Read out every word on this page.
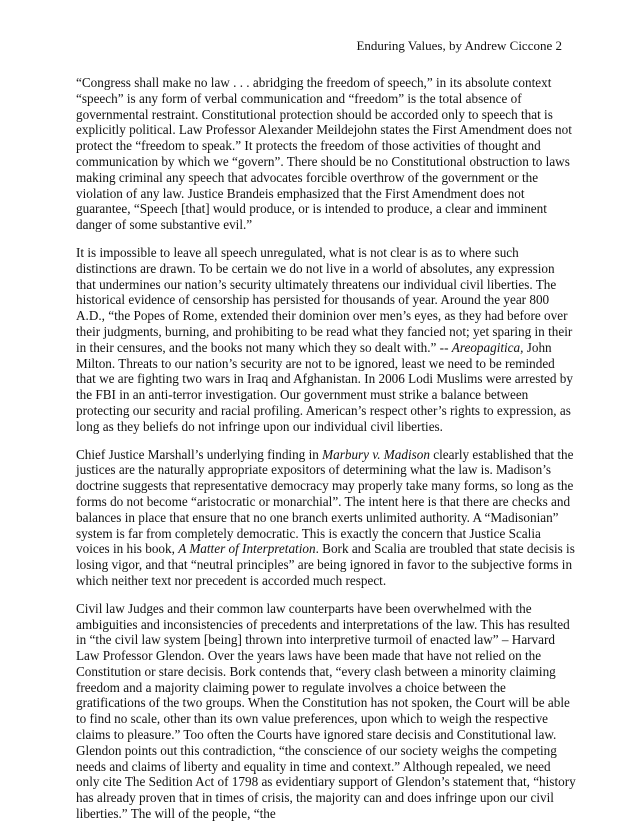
Enduring Values, by Andrew Ciccone 2

“Congress shall make no law . . . abridging the freedom of speech,” in its absolute context “speech” is any form of verbal communication and “freedom” is the total absence of governmental restraint. Constitutional protection should be accorded only to speech that is explicitly political. Law Professor Alexander Meildejohn states the First Amendment does not protect the “freedom to speak.” It protects the freedom of those activities of thought and communication by which we “govern”. There should be no Constitutional obstruction to laws making criminal any speech that advocates forcible overthrow of the government or the violation of any law. Justice Brandeis emphasized that the First Amendment does not guarantee, “Speech [that] would produce, or is intended to produce, a clear and imminent danger of some substantive evil.”

It is impossible to leave all speech unregulated, what is not clear is as to where such distinctions are drawn. To be certain we do not live in a world of absolutes, any expression that undermines our nation’s security ultimately threatens our individual civil liberties. The historical evidence of censorship has persisted for thousands of year. Around the year 800 A.D., “the Popes of Rome, extended their dominion over men’s eyes, as they had before over their judgments, burning, and prohibiting to be read what they fancied not; yet sparing in their in their censures, and the books not many which they so dealt with.” -- Areopagitica, John Milton. Threats to our nation’s security are not to be ignored, least we need to be reminded that we are fighting two wars in Iraq and Afghanistan. In 2006 Lodi Muslims were arrested by the FBI in an anti-terror investigation. Our government must strike a balance between protecting our security and racial profiling. American’s respect other’s rights to expression, as long as they beliefs do not infringe upon our individual civil liberties.

Chief Justice Marshall’s underlying finding in Marbury v. Madison clearly established that the justices are the naturally appropriate expositors of determining what the law is. Madison’s doctrine suggests that representative democracy may properly take many forms, so long as the forms do not become “aristocratic or monarchial”. The intent here is that there are checks and balances in place that ensure that no one branch exerts unlimited authority. A “Madisonian” system is far from completely democratic. This is exactly the concern that Justice Scalia voices in his book, A Matter of Interpretation. Bork and Scalia are troubled that state decisis is losing vigor, and that “neutral principles” are being ignored in favor to the subjective forms in which neither text nor precedent is accorded much respect.

Civil law Judges and their common law counterparts have been overwhelmed with the ambiguities and inconsistencies of precedents and interpretations of the law. This has resulted in “the civil law system [being] thrown into interpretive turmoil of enacted law” – Harvard Law Professor Glendon. Over the years laws have been made that have not relied on the Constitution or stare decisis. Bork contends that, “every clash between a minority claiming freedom and a majority claiming power to regulate involves a choice between the gratifications of the two groups. When the Constitution has not spoken, the Court will be able to find no scale, other than its own value preferences, upon which to weigh the respective claims to pleasure.” Too often the Courts have ignored stare decisis and Constitutional law. Glendon points out this contradiction, “the conscience of our society weighs the competing needs and claims of liberty and equality in time and context.” Although repealed, we need only cite The Sedition Act of 1798 as evidentiary support of Glendon’s statement that, “history has already proven that in times of crisis, the majority can and does infringe upon our civil liberties.” The will of the people, “the
